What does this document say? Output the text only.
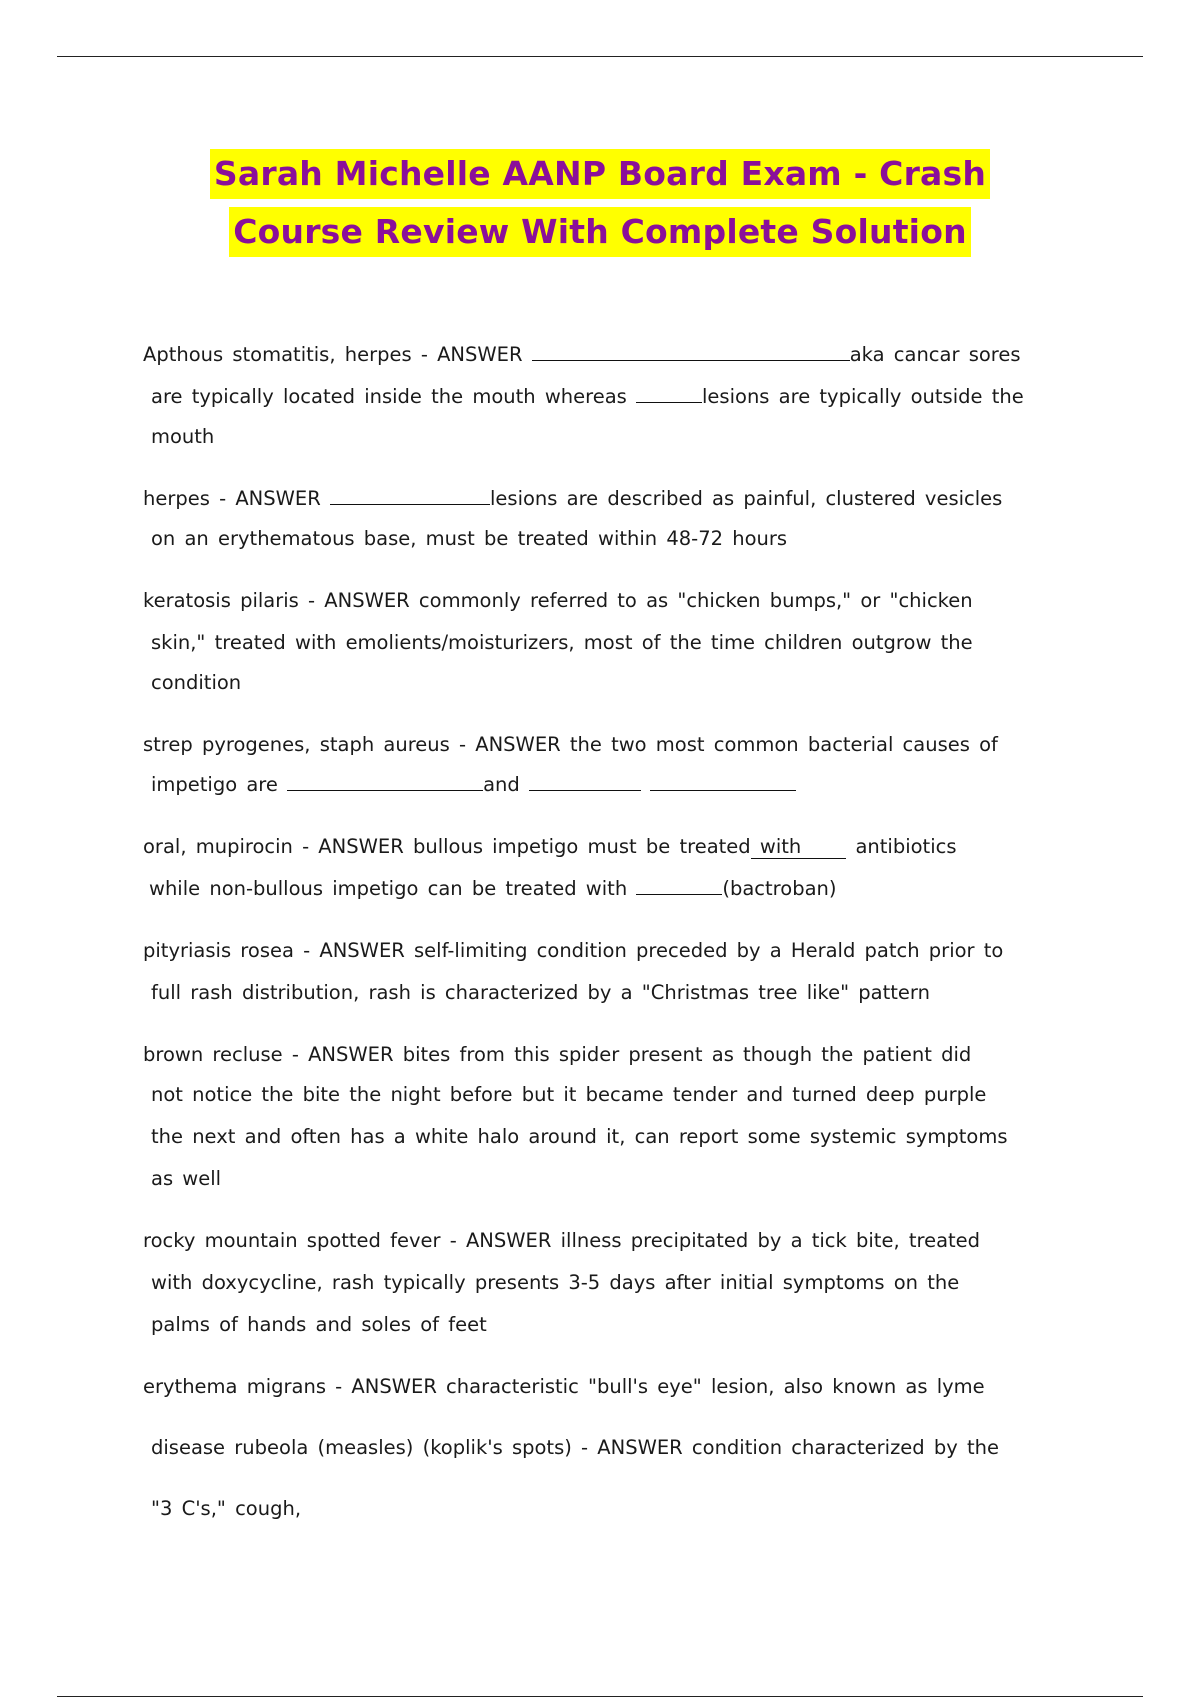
Sarah Michelle AANP Board Exam - Crash
Course Review With Complete Solution
Apthous stomatitis, herpes - ANSWER	aka cancar sores
are typically located inside the mouth whereas	lesions are typically outside the
mouth
herpes - ANSWER	lesions are described as painful, clustered vesicles
on an erythematous base, must be treated within 48-72 hours
keratosis pilaris - ANSWER commonly referred to as "chicken bumps," or "chicken
skin," treated with emolients/moisturizers, most of the time children outgrow the
condition
strep pyrogenes, staph aureus - ANSWER the two most common bacterial causes of
impetigo are	and
oral, mupirocin - ANSWER bullous impetigo must be treated with antibiotics
while non-bullous impetigo can be treated with	(bactroban)
pityriasis rosea - ANSWER self-limiting condition preceded by a Herald patch prior to
full rash distribution, rash is characterized by a "Christmas tree like" pattern
brown recluse - ANSWER bites from this spider present as though the patient did
not notice the bite the night before but it became tender and turned deep purple
the next and often has a white halo around it, can report some systemic symptoms
as well
rocky mountain spotted fever - ANSWER illness precipitated by a tick bite, treated
with doxycycline, rash typically presents 3-5 days after initial symptoms on the
palms of hands and soles of feet
erythema migrans - ANSWER characteristic "bull's eye" lesion, also known as lyme
disease rubeola (measles) (koplik's spots) - ANSWER condition characterized by the
"3 C's," cough,
